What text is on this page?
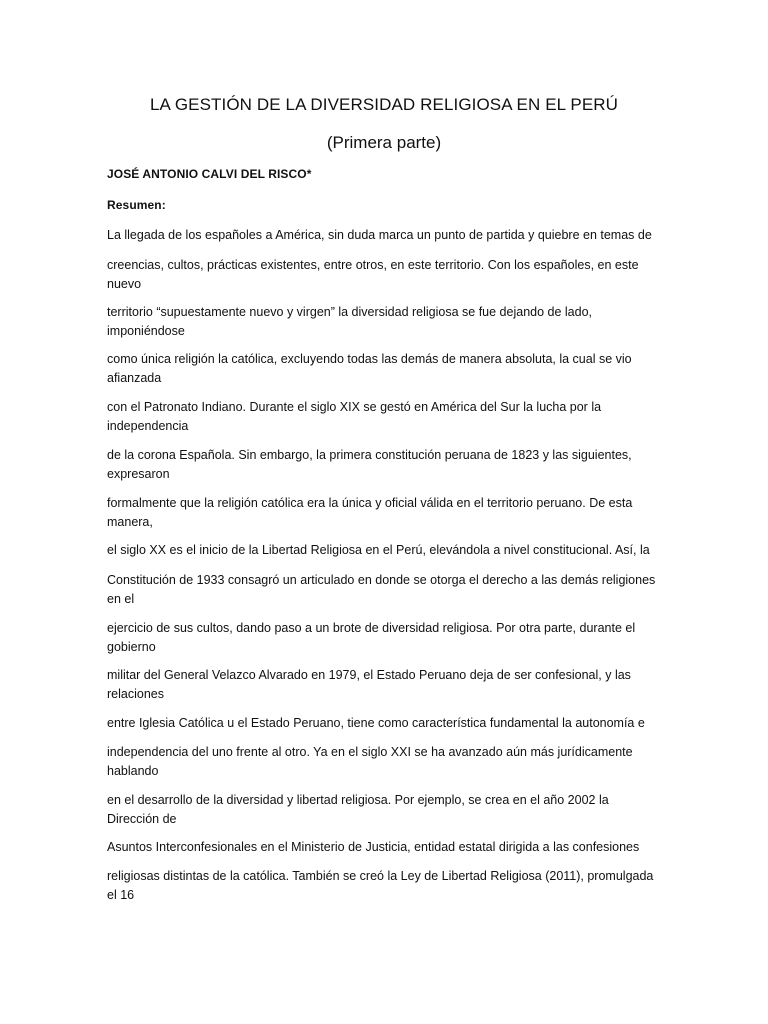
LA GESTIÓN DE LA DIVERSIDAD RELIGIOSA EN EL PERÚ
(Primera parte)
JOSÉ ANTONIO CALVI DEL RISCO*
Resumen:
La llegada de los españoles a América, sin duda marca un punto de partida y quiebre en temas de
creencias, cultos, prácticas existentes, entre otros, en este territorio. Con los españoles, en este
nuevo
territorio “supuestamente nuevo y virgen” la diversidad religiosa se fue dejando de lado,
imponiéndose
como única religión la católica, excluyendo todas las demás de manera absoluta, la cual se vio
afianzada
con el Patronato Indiano. Durante el siglo XIX se gestó en América del Sur la lucha por la
independencia
de la corona Española. Sin embargo, la primera constitución peruana de 1823 y las siguientes,
expresaron
formalmente que la religión católica era la única y oficial válida en el territorio peruano. De esta
manera,
el siglo XX es el inicio de la Libertad Religiosa en el Perú, elevándola a nivel constitucional. Así, la
Constitución de 1933 consagró un articulado en donde se otorga el derecho a las demás religiones
en el
ejercicio de sus cultos, dando paso a un brote de diversidad religiosa. Por otra parte, durante el
gobierno
militar del General Velazco Alvarado en 1979, el Estado Peruano deja de ser confesional, y las
relaciones
entre Iglesia Católica u el Estado Peruano, tiene como característica fundamental la autonomía e
independencia del uno frente al otro. Ya en el siglo XXI se ha avanzado aún más jurídicamente
hablando
en el desarrollo de la diversidad y libertad religiosa. Por ejemplo, se crea en el año 2002 la
Dirección de
Asuntos Interconfesionales en el Ministerio de Justicia, entidad estatal dirigida a las confesiones
religiosas distintas de la católica. También se creó la Ley de Libertad Religiosa (2011), promulgada
el 16
